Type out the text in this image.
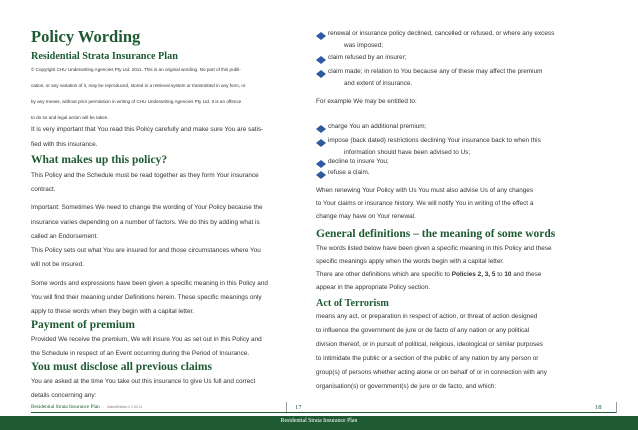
Policy Wording
Residential Strata Insurance Plan
© Copyright CHU Underwriting Agencies Pty Ltd. 2011. This is an original wording. No part of this publi-
cation, or any variation of it, may be reproduced, stored in a retrieval system or transmitted in any form, or
by any means, without prior permission in writing of CHU Underwriting Agencies Pty Ltd. It is an offence
to do so and legal action will be taken.
It is very important that You read this Policy carefully and make sure You are satis-
fied with this insurance.
What makes up this policy?
This Policy and the Schedule must be read together as they form Your insurance
contract.
Important: Sometimes We need to change the wording of Your Policy because the
insurance varies depending on a number of factors. We do this by adding what is
called an Endorsement.
This Policy sets out what You are insured for and those circumstances where You
will not be insured.
Some words and expressions have been given a specific meaning in this Policy and
You will find their meaning under Definitions herein. These specific meanings only
apply to these words when they begin with a capital letter.
Payment of premium
Provided We receive the premium, We will insure You as set out in this Policy and
the Schedule in respect of an Event occurring during the Period of Insurance.
You must disclose all previous claims
You are asked at the time You take out this insurance to give Us full and correct
details concerning any:
renewal or insurance policy declined, cancelled or refused, or where any excess
was imposed;
claim refused by an insurer;
claim made; in relation to You because any of these may affect the premium
and extent of insurance.
For example We may be entitled to:
charge You an additional premium;
impose (back dated) restrictions declining Your insurance back to when this
information should have been advised to Us;
decline to insure You;
refuse a claim.
When renewing Your Policy with Us You must also advise Us of any changes
to Your claims or insurance history. We will notify You in writing of the effect a
change may have on Your renewal.
General definitions – the meaning of some words
The words listed below have been given a specific meaning in this Policy and these
specific meanings apply when the words begin with a capital letter.
There are other definitions which are specific to Policies 2, 3, 5 to 10 and these
appear in the appropriate Policy section.
Act of Terrorism
means any act, or preparation in respect of action, or threat of action designed
to influence the government de jure or de facto of any nation or any political
division thereof, or in pursuit of political, religious, ideological or similar purposes
to intimidate the public or a section of the public of any nation by any person or
group(s) of persons whether acting alone or on behalf of or in connection with any
organisation(s) or government(s) de jure or de facto, and which:
Residential Strata Insurance Plan Dated/Edition 0 1.02.11	17	18
Residential Strata Insurance Plan
